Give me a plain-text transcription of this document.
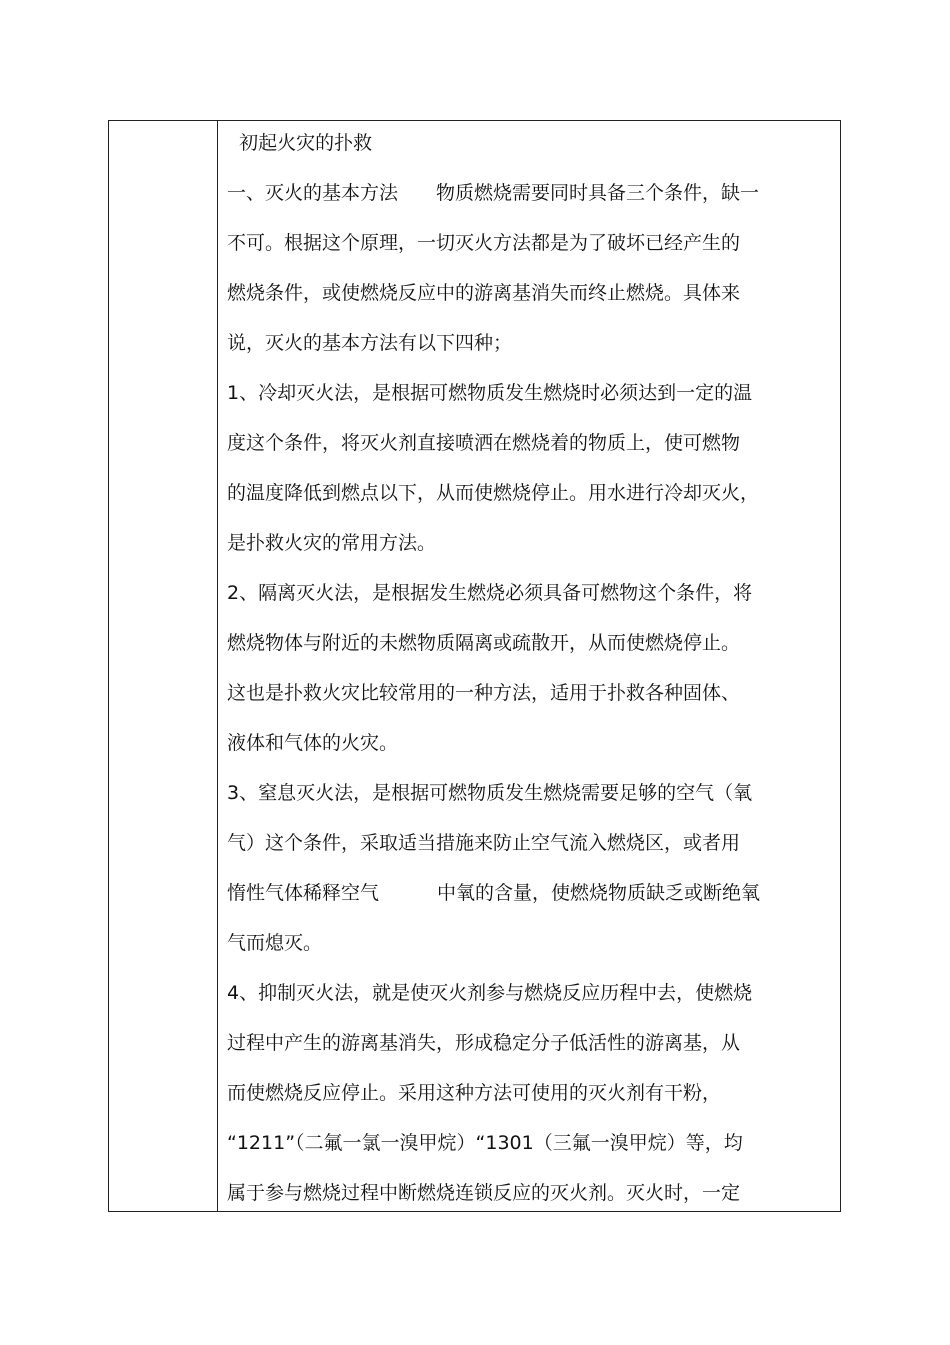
初起火灾的扑救
一、灭火的基本方法 物质燃烧需要同时具备三个条件，缺一
不可。根据这个原理，一切灭火方法都是为了破坏已经产生的
燃烧条件，或使燃烧反应中的游离基消失而终止燃烧。具体来
说，灭火的基本方法有以下四种；
1、冷却灭火法，是根据可燃物质发生燃烧时必须达到一定的温
度这个条件，将灭火剂直接喷洒在燃烧着的物质上，使可燃物
的温度降低到燃点以下，从而使燃烧停止。用水进行冷却灭火，
是扑救火灾的常用方法。
2、隔离灭火法，是根据发生燃烧必须具备可燃物这个条件，将
燃烧物体与附近的未燃物质隔离或疏散开，从而使燃烧停止。
这也是扑救火灾比较常用的一种方法，适用于扑救各种固体、
液体和气体的火灾。
3、窒息灭火法，是根据可燃物质发生燃烧需要足够的空气（氧
气）这个条件，采取适当措施来防止空气流入燃烧区，或者用
惰性气体稀释空气	中氧的含量，使燃烧物质缺乏或断绝氧
气而熄灭。
4、抑制灭火法，就是使灭火剂参与燃烧反应历程中去，使燃烧
过程中产生的游离基消失，形成稳定分子低活性的游离基，从
而使燃烧反应停止。采用这种方法可使用的灭火剂有干粉，
“1211”（二氟一氯一溴甲烷）“1301（三氟一溴甲烷）等，均
属于参与燃烧过程中断燃烧连锁反应的灭火剂。灭火时，一定
